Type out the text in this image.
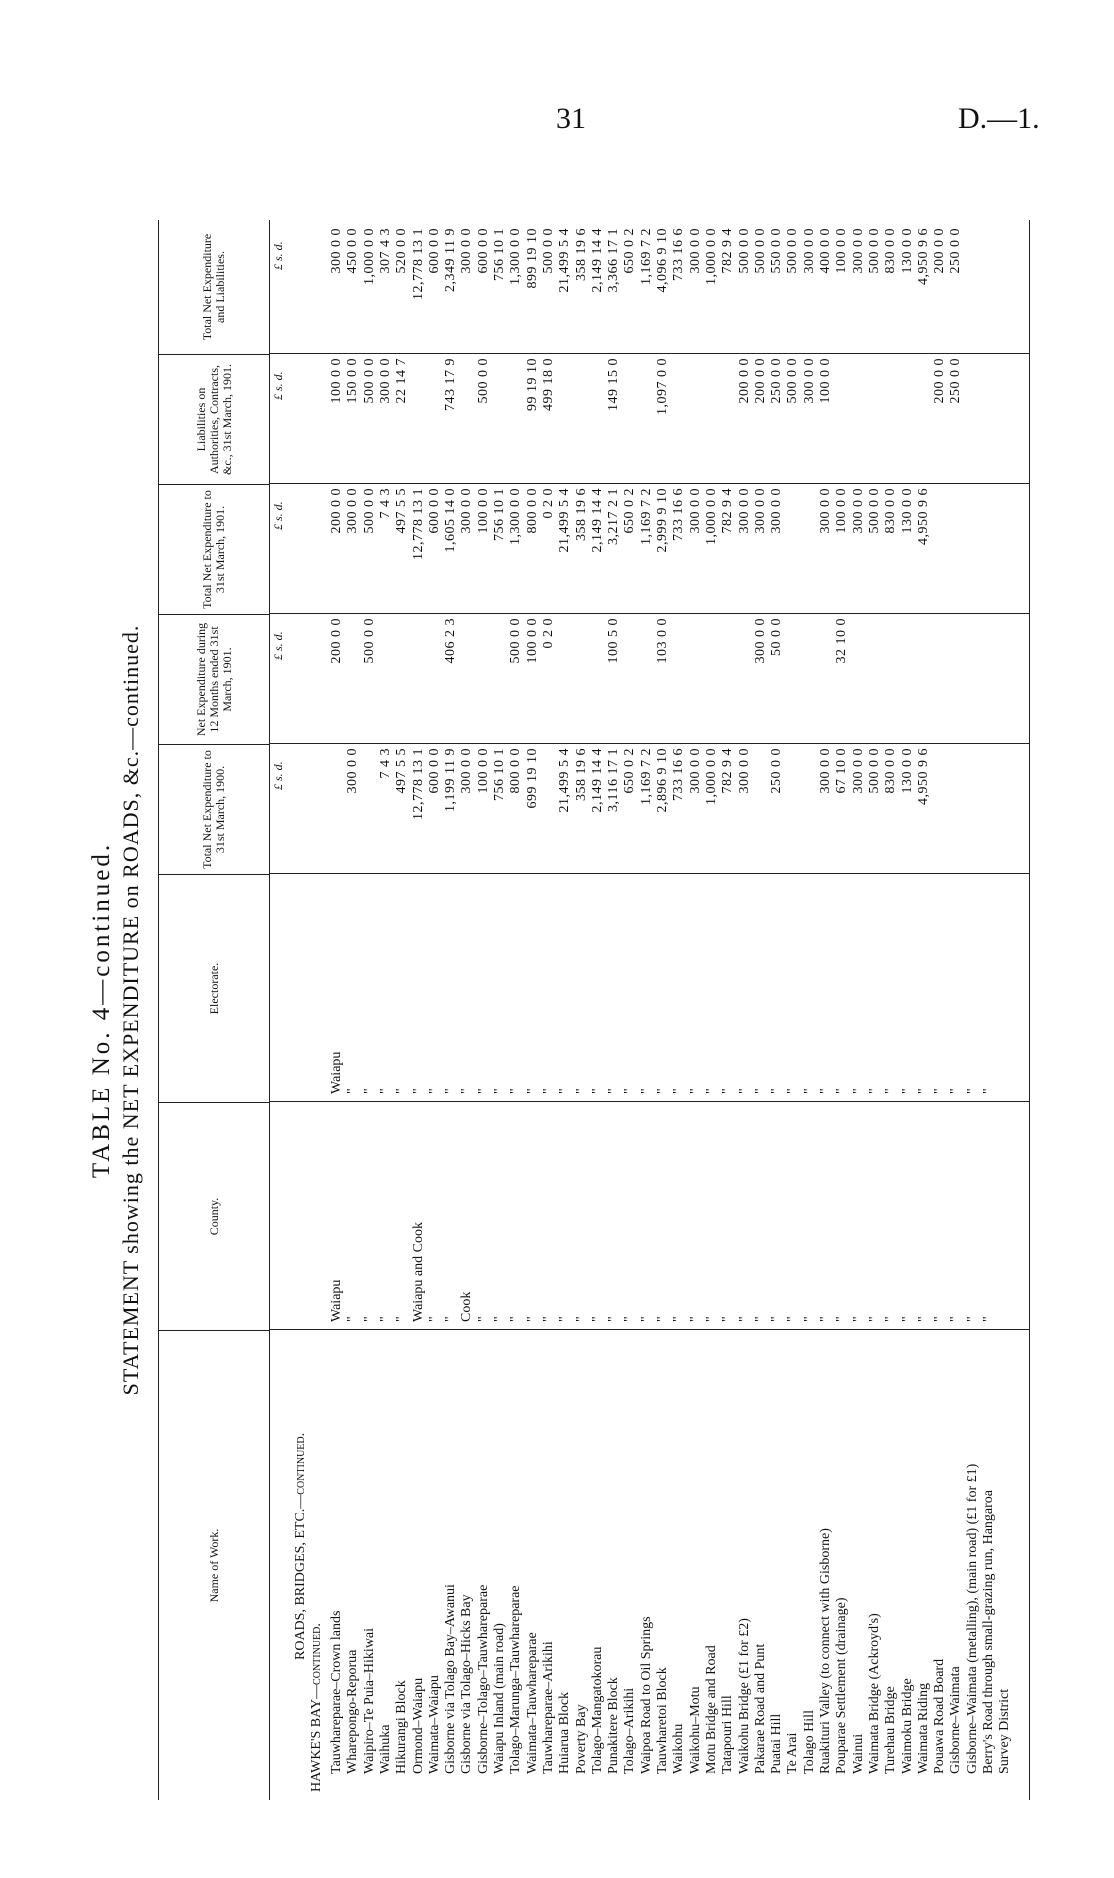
31	D.—1.
TABLE No. 4—continued. STATEMENT showing the NET EXPENDITURE on ROADS, &c.—continued.
Name of Work.
County.
Electorate.
Total Net Expenditure to 31st March, 1900.
Net Expenditure during 12 Months ended 31st March, 1901.
Total Net Expenditure to 31st March, 1901.
Liabilities on Authorities, Contracts, &c., 31st March, 1901.
Total Net Expenditure and Liabilities.
£ s. d.
£ s. d.
£ s. d.
£ s. d.
£ s. d.
ROADS, BRIDGES, ETC.—continued.
HAWKE'S BAY—continued. Tauwhareparae–Crown lands
Waiapu
Waiapu
200 0 0
200 0 0
100 0 0
300 0 0
Wharepongo-Reporua
"
"
300 0 0
300 0 0
150 0 0
450 0 0
Waipiro–Te Puia–Hikiwai
"
"
500 0 0
500 0 0
500 0 0
1,000 0 0
Waihuka
"
"
7 4 3
7 4 3
300 0 0
307 4 3
Hikurangi Block
"
"
497 5 5
497 5 5
22 14 7
520 0 0
Ormond–Waiapu
Waiapu and Cook
"
12,778 13 1
12,778 13 1
12,778 13 1
Waimata–Waiapu
"
"
600 0 0
600 0 0
600 0 0
Gisborne via Tolago Bay–Awanui
"
"
1,199 11 9
406 2 3
1,605 14 0
743 17 9
2,349 11 9
Gisborne via Tolago–Hicks Bay
Cook
"
300 0 0
300 0 0
300 0 0
Gisborne–Tolago–Tauwhareparae
"
"
100 0 0
100 0 0
500 0 0
600 0 0
Waiapu Inland (main road)
"
"
756 10 1
756 10 1
756 10 1
Tolago–Marunga–Tauwhareparae
"
"
800 0 0
500 0 0
1,300 0 0
1,300 0 0
Waimata–Tauwhareparae
"
"
699 19 10
100 0 0
800 0 0
99 19 10
899 19 10
Tauwhareparae–Arikihi
"
"
0 2 0
0 2 0
499 18 0
500 0 0
Huiarua Block
"
"
21,499 5 4
21,499 5 4
21,499 5 4
Poverty Bay
"
"
358 19 6
358 19 6
358 19 6
Tolago–Mangatokorau
"
"
2,149 14 4
2,149 14 4
2,149 14 4
Punakitere Block
"
"
3,116 17 1
100 5 0
3,217 2 1
149 15 0
3,366 17 1
Tolago–Arikihi
"
"
650 0 2
650 0 2
650 0 2
Waipoa Road to Oil Springs
"
"
1,169 7 2
1,169 7 2
1,169 7 2
Tauwharetoi Block
"
"
2,896 9 10
103 0 0
2,999 9 10
1,097 0 0
4,096 9 10
Waikohu
"
"
733 16 6
733 16 6
733 16 6
Waikohu–Motu
"
"
300 0 0
300 0 0
300 0 0
Motu Bridge and Road
"
"
1,000 0 0
1,000 0 0
1,000 0 0
Tatapouri Hill
"
"
782 9 4
782 9 4
782 9 4
Waikohu Bridge (£1 for £2)
"
"
300 0 0
300 0 0
200 0 0
500 0 0
Pakarae Road and Punt
"
"
300 0 0
300 0 0
200 0 0
500 0 0
Puatai Hill
"
"
250 0 0
50 0 0
300 0 0
250 0 0
550 0 0
Te Arai
"
"
500 0 0
500 0 0
Tolago Hill
"
"
300 0 0
300 0 0
Ruakituri Valley (to connect with Gisborne)
"
"
300 0 0
300 0 0
100 0 0
400 0 0
Pouparae Settlement (drainage)
"
"
67 10 0
32 10 0
100 0 0
100 0 0
Wainui
"
"
300 0 0
300 0 0
300 0 0
Waimata Bridge (Ackroyd's)
"
"
500 0 0
500 0 0
500 0 0
Turehau Bridge
"
"
830 0 0
830 0 0
830 0 0
Waimoku Bridge
"
"
130 0 0
130 0 0
130 0 0
Waimata Riding
"
"
4,950 9 6
4,950 9 6
4,950 9 6
Pouawa Road Board
"
"
200 0 0
200 0 0
Gisborne–Waimata
"
"
250 0 0
250 0 0
Gisborne–Waimata (metalling), (main road) (£1 for £1)
"
"
Berry's Road through small-grazing run, Hangaroa
"
"
Survey District
